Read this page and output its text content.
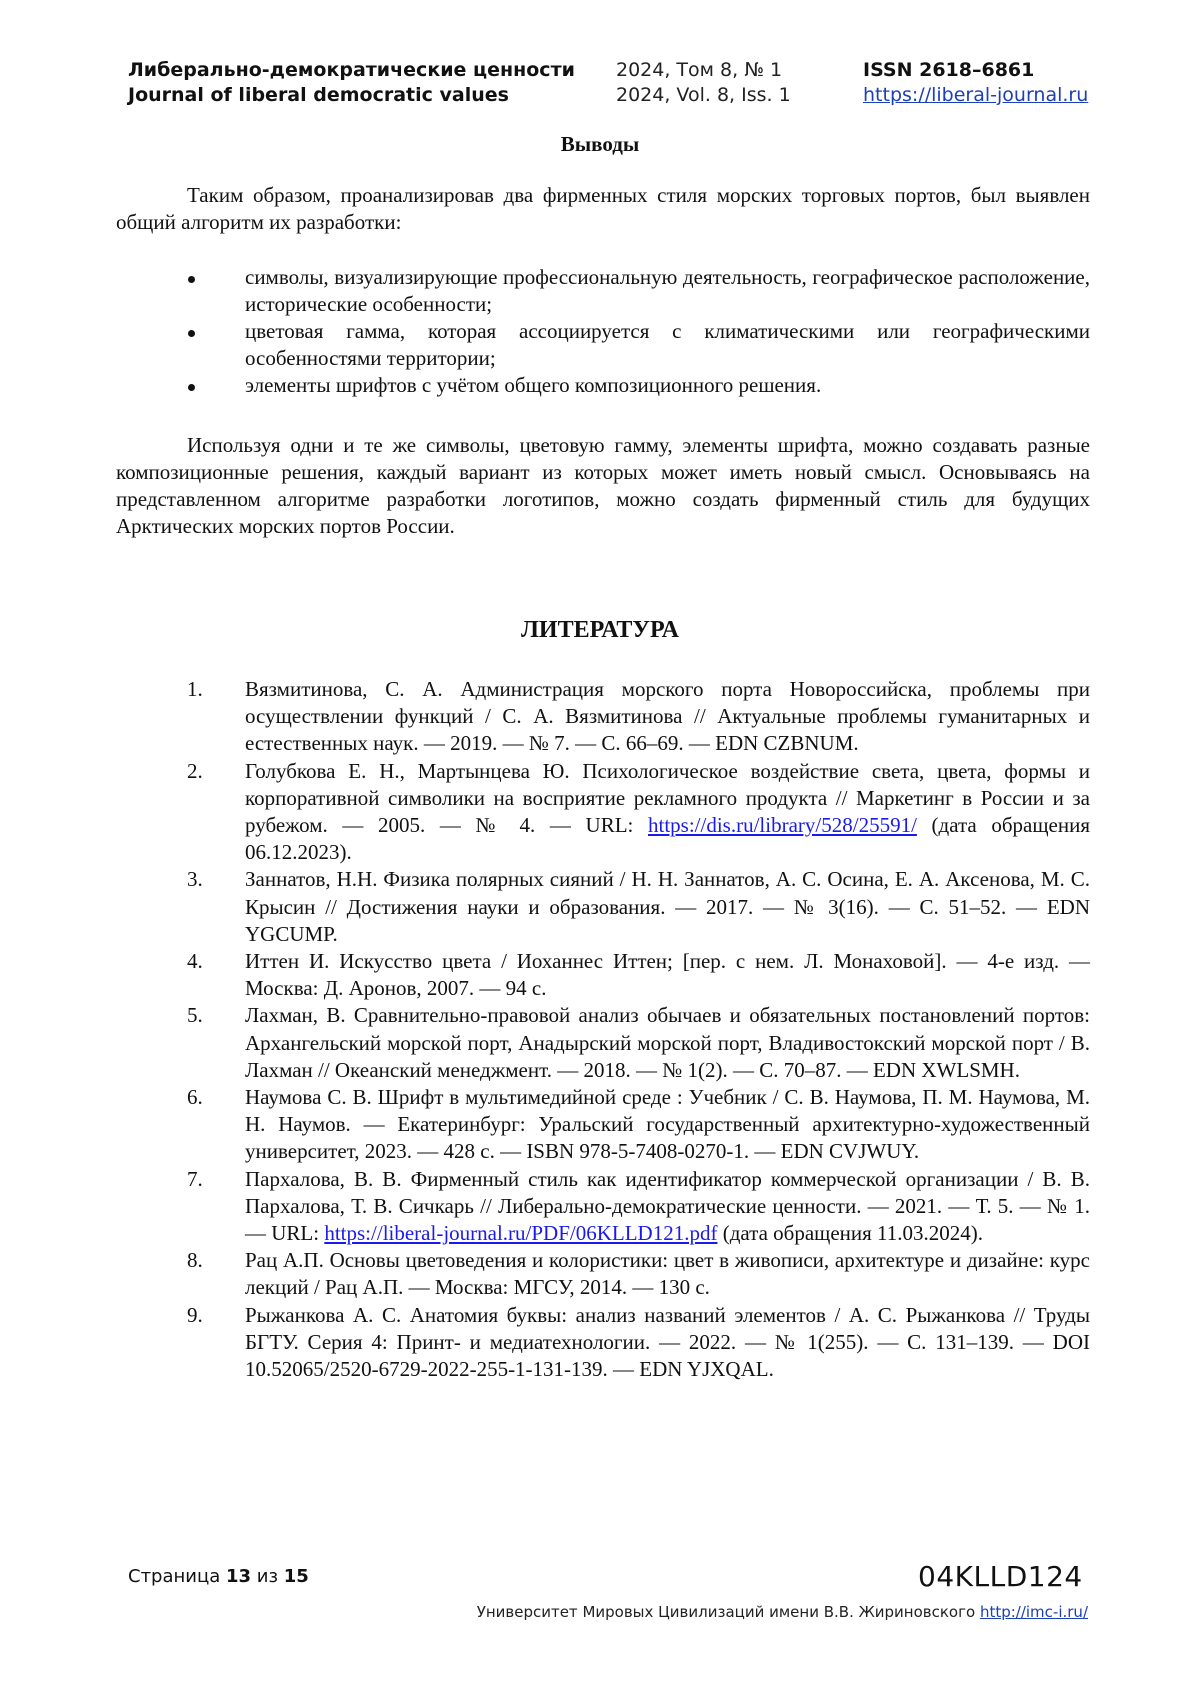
Либерально-демократические ценности
Journal of liberal democratic values
2024, Том 8, № 1
2024, Vol. 8, Iss. 1
ISSN 2618–6861
https://liberal-journal.ru
Выводы

Таким образом, проанализировав два фирменных стиля морских торговых портов, был выявлен общий алгоритм их разработки:

символы, визуализирующие профессиональную деятельность, географическое расположение, исторические особенности;
цветовая гамма, которая ассоциируется с климатическими или географическими особенностями территории;
элементы шрифтов с учётом общего композиционного решения.

Используя одни и те же символы, цветовую гамму, элементы шрифта, можно создавать разные композиционные решения, каждый вариант из которых может иметь новый смысл. Основываясь на представленном алгоритме разработки логотипов, можно создать фирменный стиль для будущих Арктических морских портов России.

ЛИТЕРАТУРА
1. Вязмитинова, С. А. Администрация морского порта Новороссийска, проблемы при осуществлении функций / С. А. Вязмитинова // Актуальные проблемы гуманитарных и естественных наук. — 2019. — № 7. — С. 66–69. — EDN CZBNUM.
2. Голубкова Е. Н., Мартынцева Ю. Психологическое воздействие света, цвета, формы и корпоративной символики на восприятие рекламного продукта // Маркетинг в России и за рубежом. — 2005. — № 4. — URL: https://dis.ru/library/528/25591/ (дата обращения 06.12.2023).
3. Заннатов, Н.Н. Физика полярных сияний / Н. Н. Заннатов, А. С. Осина, Е. А. Аксенова, М. С. Крысин // Достижения науки и образования. — 2017. — № 3(16). — С. 51–52. — EDN YGCUMP.
4. Иттен И. Искусство цвета / Иоханнес Иттен; [пер. с нем. Л. Монаховой]. — 4-е изд. — Москва: Д. Аронов, 2007. — 94 с.
5. Лахман, В. Сравнительно-правовой анализ обычаев и обязательных постановлений портов: Архангельский морской порт, Анадырский морской порт, Владивостокский морской порт / В. Лахман // Океанский менеджмент. — 2018. — № 1(2). — С. 70–87. — EDN XWLSMH.
6. Наумова С. В. Шрифт в мультимедийной среде : Учебник / С. В. Наумова, П. М. Наумова, М. Н. Наумов. — Екатеринбург: Уральский государственный архитектурно-художественный университет, 2023. — 428 с. — ISBN 978-5-7408-0270-1. — EDN CVJWUY.
7. Пархалова, В. В. Фирменный стиль как идентификатор коммерческой организации / В. В. Пархалова, Т. В. Сичкарь // Либерально-демократические ценности. — 2021. — Т. 5. — № 1. — URL: https://liberal-journal.ru/PDF/06KLLD121.pdf (дата обращения 11.03.2024).
8. Рац А.П. Основы цветоведения и колористики: цвет в живописи, архитектуре и дизайне: курс лекций / Рац А.П. — Москва: МГСУ, 2014. — 130 с.
9. Рыжанкова А. С. Анатомия буквы: анализ названий элементов / А. С. Рыжанкова // Труды БГТУ. Серия 4: Принт- и медиатехнологии. — 2022. — № 1(255). — С. 131–139. — DOI 10.52065/2520-6729-2022-255-1-131-139. — EDN YJXQAL.
Страница 13 из 15	04KLLD124
Университет Мировых Цивилизаций имени В.В. Жириновского http://imc-i.ru/
